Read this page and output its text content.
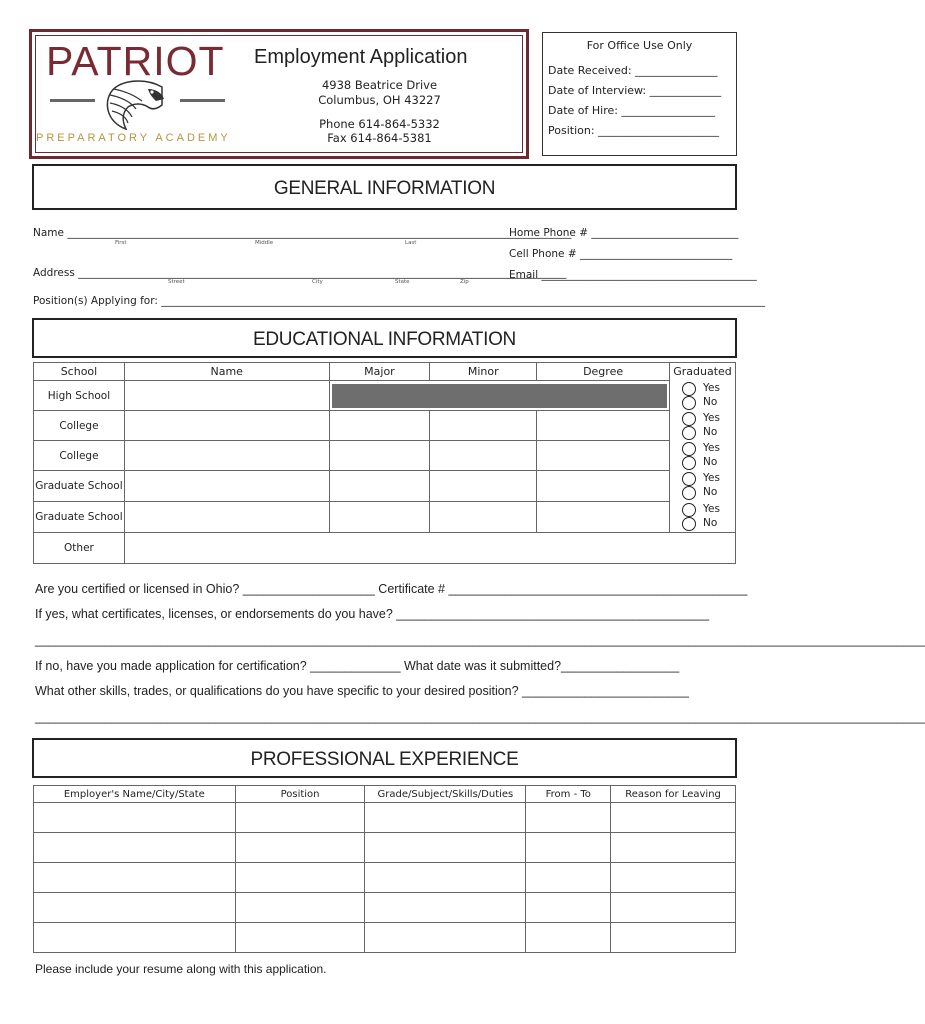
PATRIOT
PREPARATORY ACADEMY
Employment Application
4938 Beatrice Drive
Columbus, OH 43227
Phone 614-864-5332
Fax 614-864-5381
For Office Use Only
Date Received: _______________
Date of Interview: _____________
Date of Hire: _________________
Position: ______________________
GENERAL INFORMATION
Name ________________________________________________________________________________________________
First	Middle	Last
Address _____________________________________________________________________________________________
Street	City	State	Zip
Home Phone # ____________________________
Cell Phone # _____________________________
Email _________________________________________
Position(s) Applying for: ___________________________________________________________________________________________________________________
EDUCATIONAL INFORMATION
School	Name	Major	Minor	Degree	Graduated
High School					Yes
No

College					Yes
No

College					Yes
No

Graduate School					Yes
No

Graduate School					Yes
No

Other					
Are you certified or licensed in Ohio? ___________________ Certificate # ___________________________________________
If yes, what certificates, licenses, or endorsements do you have? _____________________________________________
________________________________________________________________________________________________________________________________
If no, have you made application for certification? _____________ What date was it submitted?_________________
What other skills, trades, or qualifications do you have specific to your desired position? ________________________
________________________________________________________________________________________________________________________________
PROFESSIONAL EXPERIENCE
Employer's Name/City/State	Position	Grade/Subject/Skills/Duties	From - To	Reason for Leaving

Please include your resume along with this application.
